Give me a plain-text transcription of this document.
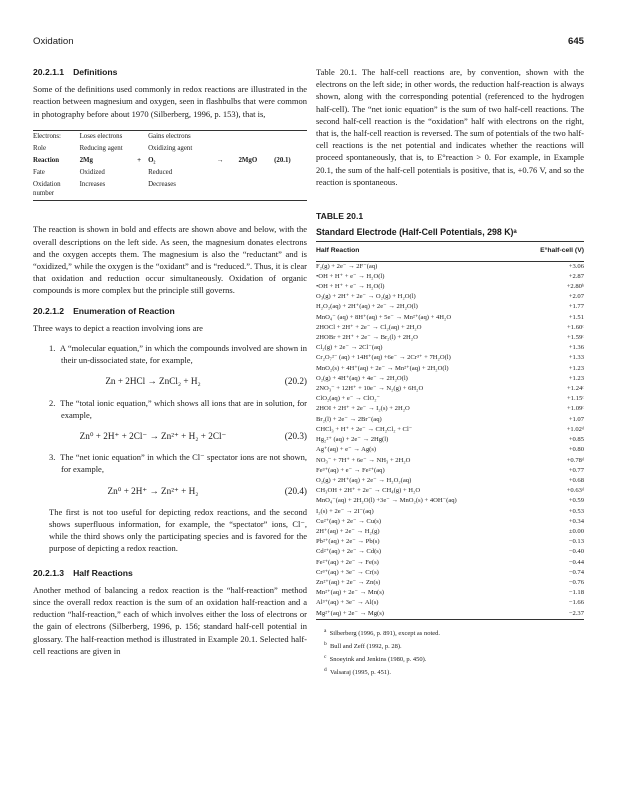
Oxidation	645
20.2.1.1 Definitions

Some of the definitions used commonly in redox reactions are illustrated in the reaction between magnesium and oxygen, seen in flashbulbs that were common in photography before about 1970 (Silberberg, 1996, p. 153), that is,

Electrons:	Loses electrons		Gains electrons			
Role	Reducing agent		Oxidizing agent			
Reaction	2Mg	+	O₂	→	2MgO	(20.1)
Fate	Oxidized		Reduced			
Oxidation number	Increases		Decreases			

The reaction is shown in bold and effects are shown above and below, with the overall descriptions on the left side. As seen, the magnesium donates electrons and the oxygen accepts them. The magnesium is also the “reductant” and is “oxidized,” while the oxygen is the “oxidant” and is “reduced.”. Thus, it is clear that oxidation and reduction occur simultaneously. Oxidation of organic compounds is more complex but the principle still governs.

20.2.1.2 Enumeration of Reaction

Three ways to depict a reaction involving ions are

1. A “molecular equation,” in which the compounds involved are shown in their un-dissociated state, for example,
Zn + 2HCl → ZnCl₂ + H₂	(20.2)
2. The “total ionic equation,” which shows all ions that are in solution, for example,
Zn⁰ + 2H⁺ + 2Cl⁻ → Zn²⁺ + H₂ + 2Cl⁻	(20.3)
3. The “net ionic equation” in which the Cl⁻ spectator ions are not shown, for example,
Zn⁰ + 2H⁺ → Zn²⁺ + H₂	(20.4)

The first is not too useful for depicting redox reactions, and the second shows superfluous information, for example, the “spectator” ions, Cl⁻, while the third shows only the participating species and is favored for the purpose of depicting a redox reaction.

20.2.1.3 Half Reactions

Another method of balancing a redox reaction is the “half-reaction” method since the overall redox reaction is the sum of an oxidation half-reaction and a reduction “half-reaction,” each of which involves either the loss of electrons or the gain of electrons (Silberberg, 1996, p. 156; standard half-cell potential in glossary. The half-reaction method is illustrated in Example 20.1. Selected half-cell reactions are given in

Table 20.1. The half-cell reactions are, by convention, shown with the electrons on the left side; in other words, the reduction half-reaction is always shown, along with the corresponding potential (referenced to the hydrogen half-cell). The “net ionic equation” is the sum of two half-cell reactions. The second half-cell reaction is the “oxidation” half with electrons on the right, that is, the half-cell reaction is reversed. The sum of potentials of the two half-cell reactions is the net potential and indicates whether the reactions will proceed spontaneously, that is, to E°reaction > 0. For example, in Example 20.1, the sum of the half-cell potentials is positive, that is, +0.76 V, and so the reaction is spontaneous.

TABLE 20.1
Standard Electrode (Half-Cell Potentials, 298 K)ᵃ
Half Reaction	E°half-cell (V)
F₂(g) + 2e⁻ → 2F⁻(aq)	+3.06
•OH + H⁺ + e⁻ → H₂O(l)	+2.87
•OH + H⁺ + e⁻ → H₂O(l)	+2.80ᵇ
O₃(g) + 2H⁺ + 2e⁻ → O₂(g) + H₂O(l)	+2.07
H₂O₂(aq) + 2H⁺(aq) + 2e⁻ → 2H₂O(l)	+1.77
MnO₄⁻ (aq) + 8H⁺(aq) + 5e⁻ → Mn²⁺(aq) + 4H₂O	+1.51
2HOCl + 2H⁺ + 2e⁻ → Cl₂(aq) + 2H₂O	+1.60ᶜ
2HOBr + 2H⁺ + 2e⁻ → Br₂(l) + 2H₂O	+1.59ᶜ
Cl₂(g) + 2e⁻ → 2Cl⁻(aq)	+1.36
Cr₂O₇²⁻ (aq) + 14H⁺(aq) +6e⁻ → 2Cr³⁺ + 7H₂O(l)	+1.33
MnO₂(s) + 4H⁺(aq) + 2e⁻ → Mn²⁺(aq) + 2H₂O(l)	+1.23
O₂(g) + 4H⁺(aq) + 4e⁻ → 2H₂O(l)	+1.23
2NO₃⁻ + 12H⁺ + 10e⁻ → N₂(g) + 6H₂O	+1.24ᶜ
ClO₂(aq) + e⁻ → ClO₂⁻	+1.15ᶜ
2HOI + 2H⁺ + 2e⁻ → I₂(s) + 2H₂O	+1.09ᶜ
Br₂(l) + 2e⁻ → 2Br⁻(aq)	+1.07
CHCl₃ + H⁺ + 2e⁻ → CH₂Cl₂ + Cl⁻	+1.02ᵈ
Hg₂²⁺ (aq) + 2e⁻ → 2Hg(l)	+0.85
Ag⁺(aq) + e⁻ → Ag(s)	+0.80
NO₃⁻ + 7H⁺ + 6e⁻ → NH₃ + 2H₂O	+0.78ᵈ
Fe³⁺(aq) + e⁻ → Fe²⁺(aq)	+0.77
O₂(g) + 2H⁺(aq) + 2e⁻ → H₂O₂(aq)	+0.68
CH₃OH + 2H⁺ + 2e⁻ → CH₄(g) + H₂O	+0.63ᵈ
MnO₄⁻(aq) + 2H₂O(l) +3e⁻ → MnO₂(s) + 4OH⁻(aq)	+0.59
I₂(s) + 2e⁻ → 2I⁻(aq)	+0.53
Cu²⁺(aq) + 2e⁻ → Cu(s)	+0.34
2H⁺(aq) + 2e⁻ → H₂(g)	±0.00
Pb²⁺(aq) + 2e⁻ → Pb(s)	−0.13
Cd²⁺(aq) + 2e⁻ → Cd(s)	−0.40
Fe²⁺(aq) + 2e⁻ → Fe(s)	−0.44
Cr³⁺(aq) + 3e⁻ → Cr(s)	−0.74
Zn²⁺(aq) + 2e⁻ → Zn(s)	−0.76
Mn²⁺(aq) + 2e⁻ → Mn(s)	−1.18
Al³⁺(aq) + 3e⁻ → Al(s)	−1.66
Mg²⁺(aq) + 2e⁻ → Mg(s)	−2.37
$^a$  Silberberg (1996, p. 891), except as noted.
$^b$  Bull and Zeff (1992, p. 28).
$^c$  Snoeyink and Jenkins (1980, p. 450).
$^d$  Valsaraj (1995, p. 451).
